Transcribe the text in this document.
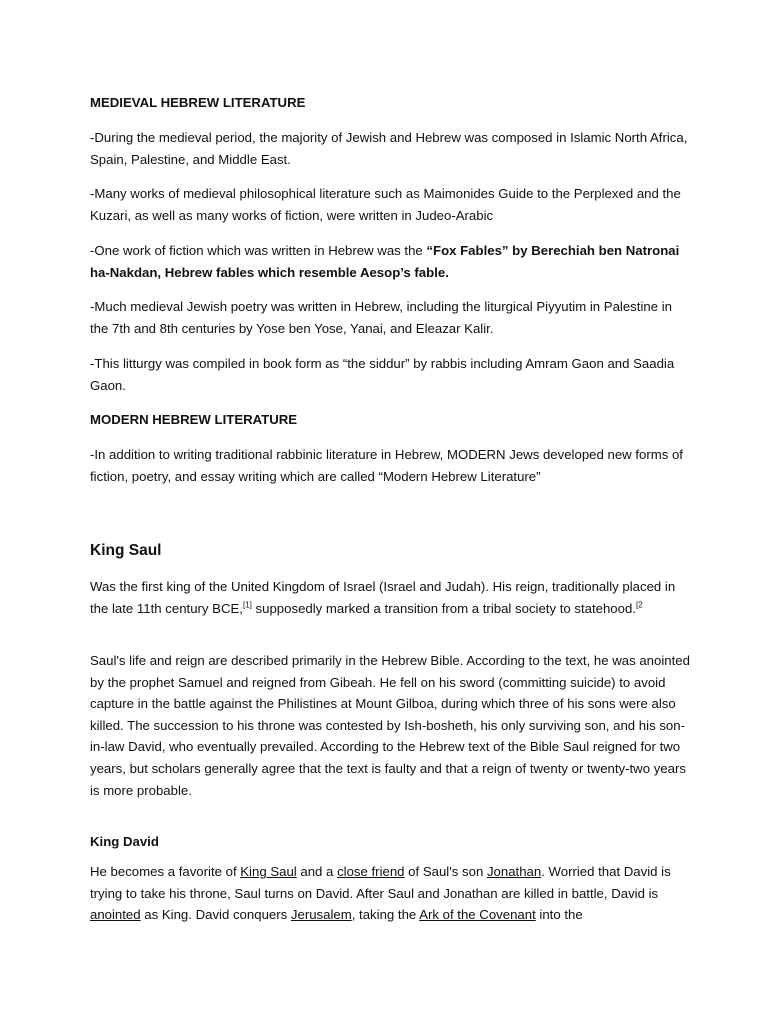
MEDIEVAL HEBREW LITERATURE

-During the medieval period, the majority of Jewish and Hebrew was composed in Islamic North Africa, Spain, Palestine, and Middle East.

-Many works of medieval philosophical literature such as Maimonides Guide to the Perplexed and the Kuzari, as well as many works of fiction, were written in Judeo-Arabic

-One work of fiction which was written in Hebrew was the “Fox Fables” by Berechiah ben Natronai ha-Nakdan, Hebrew fables which resemble Aesop’s fable.

-Much medieval Jewish poetry was written in Hebrew, including the liturgical Piyyutim in Palestine in the 7th and 8th centuries by Yose ben Yose, Yanai, and Eleazar Kalir.

-This litturgy was compiled in book form as “the siddur” by rabbis including Amram Gaon and Saadia Gaon.

MODERN HEBREW LITERATURE

-In addition to writing traditional rabbinic literature in Hebrew, MODERN Jews developed new forms of fiction, poetry, and essay writing which are called “Modern Hebrew Literature”

King Saul

Was the first king of the United Kingdom of Israel (Israel and Judah). His reign, traditionally placed in the late 11th century BCE,[1] supposedly marked a transition from a tribal society to statehood.$^{[2}$

Saul's life and reign are described primarily in the Hebrew Bible. According to the text, he was anointed by the prophet Samuel and reigned from Gibeah. He fell on his sword (committing suicide) to avoid capture in the battle against the Philistines at Mount Gilboa, during which three of his sons were also killed. The succession to his throne was contested by Ish-bosheth, his only surviving son, and his son-in-law David, who eventually prevailed. According to the Hebrew text of the Bible Saul reigned for two years, but scholars generally agree that the text is faulty and that a reign of twenty or twenty-two years is more probable.

King David

He becomes a favorite of King Saul and a close friend of Saul's son Jonathan. Worried that David is trying to take his throne, Saul turns on David. After Saul and Jonathan are killed in battle, David is anointed as King. David conquers Jerusalem, taking the Ark of the Covenant into the
